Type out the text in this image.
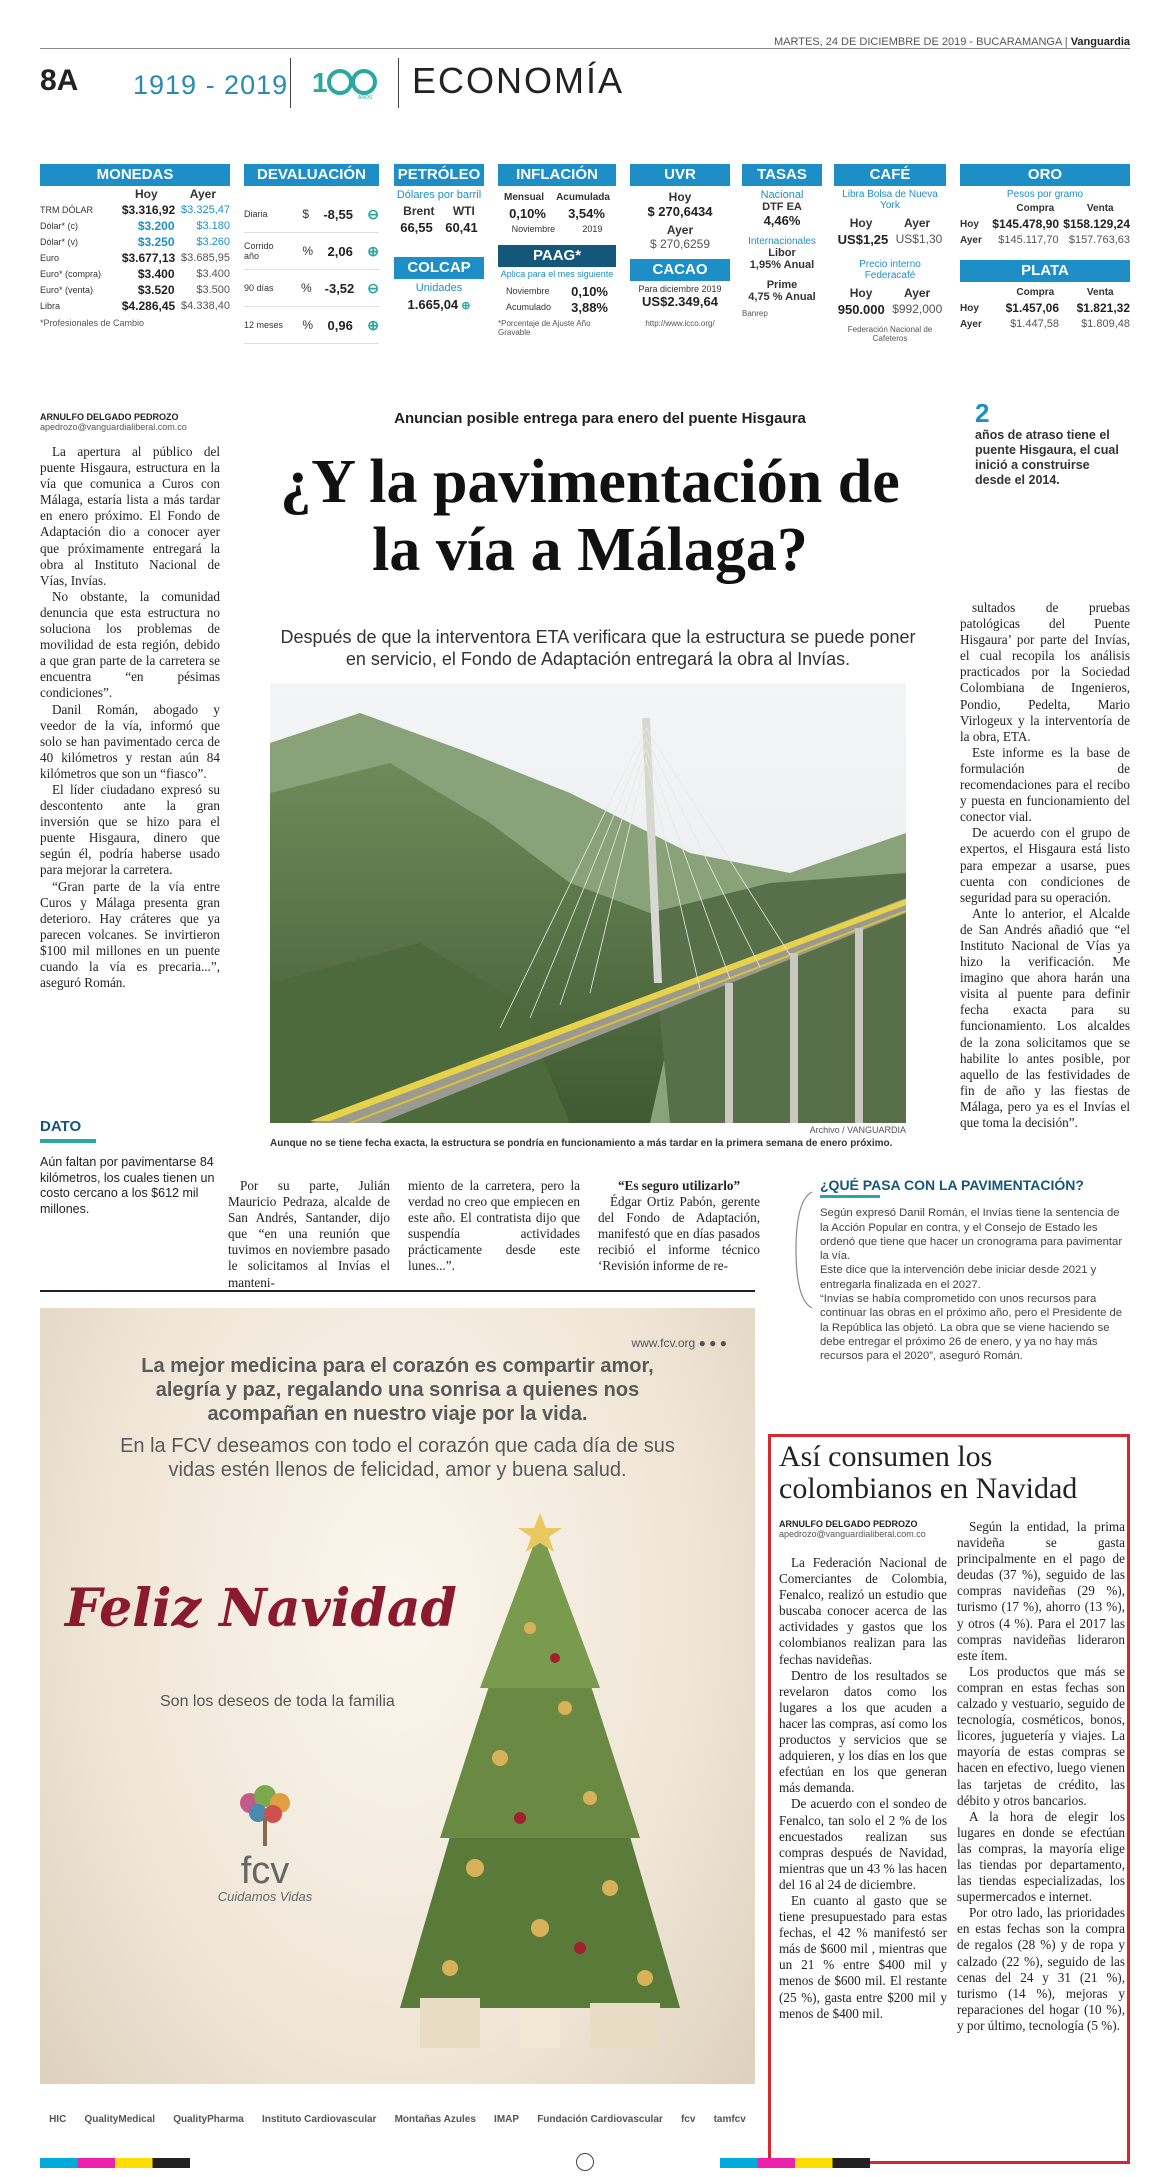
MARTES, 24 DE DICIEMBRE DE 2019 - BUCARAMANGA | Vanguardia
8A 1919 - 2019 1	AÑOS ECONOMÍA
MONEDAS
Hoy	Ayer
TRM DÓLAR	$3.316,92 $3.325,47
Dólar* (c)	$3.200 $3.180
Dólar* (v)	$3.250 $3.260
Euro	$3.677,13 $3.685,95
Euro* (compra)	$3.400 $3.400
Euro* (venta)	$3.520 $3.500
Libra	$4.286,45 $4.338,40
*Profesionales de Cambio
DEVALUACIÓN
Diaria	$ -8,55 ⊖
Corrido año	% 2,06 ⊕
90 días	% -3,52 ⊖
12 meses	% 0,96 ⊕
PETRÓLEO
Dólares por barril
Brent WTI
66,55 60,41
COLCAP
Unidades
1.665,04 ⊕
INFLACIÓN
Mensual Acumulada
0,10% 3,54%
Noviembre	2019
PAAG*
Aplica para el mes siguiente
Noviembre 0,10%
Acumulado 3,88%
*Porcentaje de Ajuste Año Gravable
UVR
Hoy
$ 270,6434
Ayer
$ 270,6259
CACAO
Para diciembre 2019
US$2.349,64
http://www.icco.org/
TASAS
Nacional
DTF EA
4,46%
Internacionales
Libor
1,95% Anual
Prime
4,75 % Anual
Banrep
CAFÉ
Libra Bolsa de Nueva York
Hoy	Ayer
US$1,25 US$1,30
Precio interno Federacafé
Hoy	Ayer
950.000 $992,000
Federación Nacional de Cafeteros
ORO
Pesos por gramo
Compra	Venta
Hoy	$145.478,90 $158.129,24
Ayer	$145.117,70 $157.763,63
PLATA
Compra	Venta
Hoy	$1.457,06 $1.821,32
Ayer	$1.447,58 $1.809,48
ARNULFO DELGADO PEDROZO
apedrozo@vanguardialiberal.com.co

La apertura al público del puente Hisgaura, estructura en la vía que comunica a Curos con Málaga, estaría lista a más tardar en enero próximo. El Fondo de Adaptación dio a conocer ayer que próximamente entregará la obra al Instituto Nacional de Vías, Invías.

No obstante, la comunidad denuncia que esta estructura no soluciona los problemas de movilidad de esta región, debido a que gran parte de la carretera se encuentra “en pésimas condiciones”.

Danil Román, abogado y veedor de la vía, informó que solo se han pavimentado cerca de 40 kilómetros y restan aún 84 kilómetros que son un “fiasco”.

El líder ciudadano expresó su descontento ante la gran inversión que se hizo para el puente Hisgaura, dinero que según él, podría haberse usado para mejorar la carretera.

“Gran parte de la vía entre Curos y Málaga presenta gran deterioro. Hay cráteres que ya parecen volcanes. Se invirtieron $100 mil millones en un puente cuando la vía es precaria...”, aseguró Román.

Anuncian posible entrega para enero del puente Hisgaura
¿Y la pavimentación de la vía a Málaga?
Después de que la interventora ETA verificara que la estructura se puede poner en servicio, el Fondo de Adaptación entregará la obra al Invías.
Archivo / VANGUARDIA
Aunque no se tiene fecha exacta, la estructura se pondría en funcionamiento a más tardar en la primera semana de enero próximo.
2
años de atraso tiene el puente Hisgaura, el cual inició a construirse desde el 2014.

sultados de pruebas patológicas del Puente Hisgaura’ por parte del Invías, el cual recopila los análisis practicados por la Sociedad Colombiana de Ingenieros, Pondio, Pedelta, Mario Virlogeux y la interventoría de la obra, ETA.

Este informe es la base de formulación de recomendaciones para el recibo y puesta en funcionamiento del conector vial.

De acuerdo con el grupo de expertos, el Hisgaura está listo para empezar a usarse, pues cuenta con condiciones de seguridad para su operación.

Ante lo anterior, el Alcalde de San Andrés añadió que “el Instituto Nacional de Vías ya hizo la verificación. Me imagino que ahora harán una visita al puente para definir fecha exacta para su funcionamiento. Los alcaldes de la zona solicitamos que se habilite lo antes posible, por aquello de las festividades de fin de año y las fiestas de Málaga, pero ya es el Invías el que toma la decisión”.

DATO
Aún faltan por pavimentarse 84 kilómetros, los cuales tienen un costo cercano a los $612 mil millones.

Por su parte, Julián Mauricio Pedraza, alcalde de San Andrés, Santander, dijo que “en una reunión que tuvimos en noviembre pasado le solicitamos al Invías el manteni-

miento de la carretera, pero la verdad no creo que empiecen en este año. El contratista dijo que suspendía actividades prácticamente desde este lunes...”.

“Es seguro utilizarlo”

Édgar Ortiz Pabón, gerente del Fondo de Adaptación, manifestó que en días pasados recibió el informe técnico ‘Revisión informe de re-

¿QUÉ PASA CON LA PAVIMENTACIÓN?

Según expresó Danil Román, el Invías tiene la sentencia de la Acción Popular en contra, y el Consejo de Estado les ordenó que tiene que hacer un cronograma para pavimentar la vía.

Este dice que la intervención debe iniciar desde 2021 y entregarla finalizada en el 2027.

“Invías se había comprometido con unos recursos para continuar las obras en el próximo año, pero el Presidente de la República las objetó. La obra que se viene haciendo se debe entregar el próximo 26 de enero, y ya no hay más recursos para el 2020”, aseguró Román.

www.fcv.org ● ● ●
La mejor medicina para el corazón es compartir amor, alegría y paz, regalando una sonrisa a quienes nos acompañan en nuestro viaje por la vida.
En la FCV deseamos con todo el corazón que cada día de sus vidas estén llenos de felicidad, amor y buena salud.
Feliz Navidad
Son los deseos de toda la familia
fcv
Cuidamos Vidas
HIC QualityMedical QualityPharma Instituto Cardiovascular Montañas Azules IMAP Fundación Cardiovascular fcv tamfcv
Así consumen los colombianos en Navidad
ARNULFO DELGADO PEDROZO
apedrozo@vanguardialiberal.com.co

La Federación Nacional de Comerciantes de Colombia, Fenalco, realizó un estudio que buscaba conocer acerca de las actividades y gastos que los colombianos realizan para las fechas navideñas.

Dentro de los resultados se revelaron datos como los lugares a los que acuden a hacer las compras, así como los productos y servicios que se adquieren, y los días en los que efectúan en los que generan más demanda.

De acuerdo con el sondeo de Fenalco, tan solo el 2 % de los encuestados realizan sus compras después de Navidad, mientras que un 43 % las hacen del 16 al 24 de diciembre.

En cuanto al gasto que se tiene presupuestado para estas fechas, el 42 % manifestó ser más de $600 mil , mientras que un 21 % entre $400 mil y menos de $600 mil. El restante (25 %), gasta entre $200 mil y menos de $400 mil.

Según la entidad, la prima navideña se gasta principalmente en el pago de deudas (37 %), seguido de las compras navideñas (29 %), turismo (17 %), ahorro (13 %), y otros (4 %). Para el 2017 las compras navideñas lideraron este ítem.

Los productos que más se compran en estas fechas son calzado y vestuario, seguido de tecnología, cosméticos, bonos, licores, juguetería y viajes. La mayoría de estas compras se hacen en efectivo, luego vienen las tarjetas de crédito, las débito y otros bancarios.

A la hora de elegir los lugares en donde se efectúan las compras, la mayoría elige las tiendas por departamento, las tiendas especializadas, los supermercados e internet.

Por otro lado, las prioridades en estas fechas son la compra de regalos (28 %) y de ropa y calzado (22 %), seguido de las cenas del 24 y 31 (21 %), turismo (14 %), mejoras y reparaciones del hogar (10 %), y por último, tecnología (5 %).
